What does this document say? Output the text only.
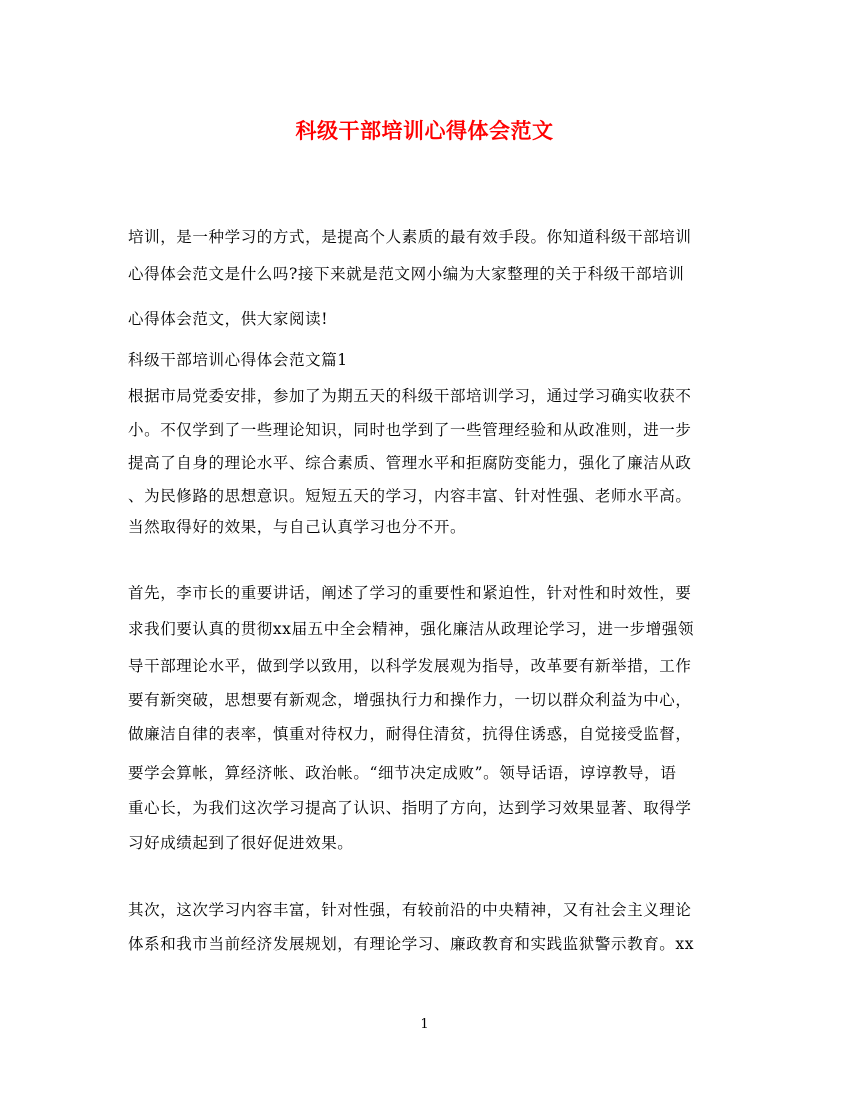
科级干部培训心得体会范文
培训，是一种学习的方式，是提高个人素质的最有效手段。你知道科级干部培训
心得体会范文是什么吗?接下来就是范文网小编为大家整理的关于科级干部培训
心得体会范文，供大家阅读!
科级干部培训心得体会范文篇1
根据市局党委安排，参加了为期五天的科级干部培训学习，通过学习确实收获不
小。不仅学到了一些理论知识，同时也学到了一些管理经验和从政准则，进一步
提高了自身的理论水平、综合素质、管理水平和拒腐防变能力，强化了廉洁从政
、为民修路的思想意识。短短五天的学习，内容丰富、针对性强、老师水平高。
当然取得好的效果，与自己认真学习也分不开。
首先，李市长的重要讲话，阐述了学习的重要性和紧迫性，针对性和时效性，要
求我们要认真的贯彻xx届五中全会精神，强化廉洁从政理论学习，进一步增强领
导干部理论水平，做到学以致用，以科学发展观为指导，改革要有新举措，工作
要有新突破，思想要有新观念，增强执行力和操作力，一切以群众利益为中心，
做廉洁自律的表率，慎重对待权力，耐得住清贫，抗得住诱惑，自觉接受监督，
要学会算帐，算经济帐、政治帐。“细节决定成败”。领导话语，谆谆教导，语
重心长，为我们这次学习提高了认识、指明了方向，达到学习效果显著、取得学
习好成绩起到了很好促进效果。
其次，这次学习内容丰富，针对性强，有较前沿的中央精神，又有社会主义理论
体系和我市当前经济发展规划，有理论学习、廉政教育和实践监狱警示教育。xx
1
